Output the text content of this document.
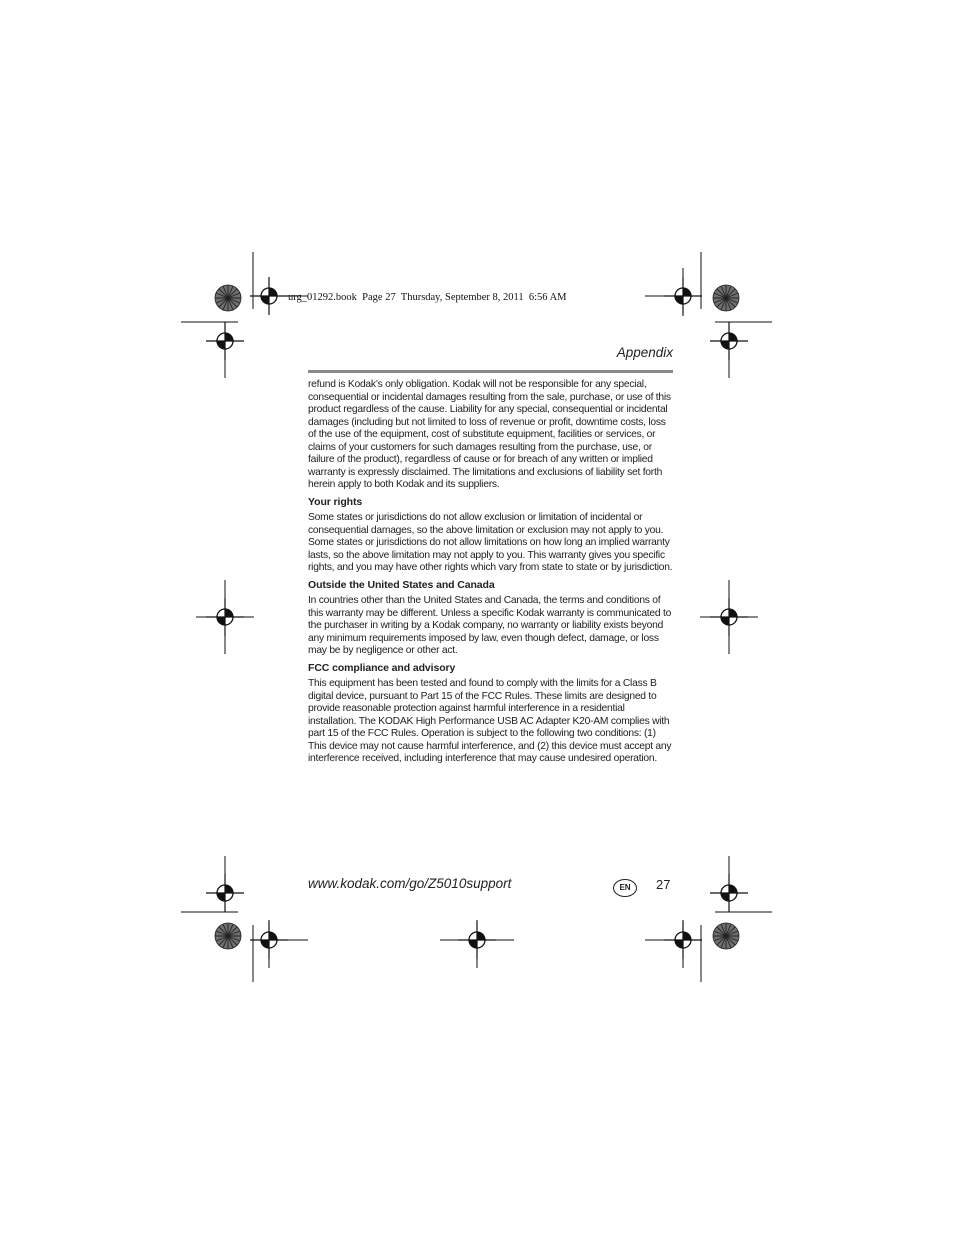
urg_01292.book  Page 27  Thursday, September 8, 2011  6:56 AM
Appendix

refund is Kodak’s only obligation. Kodak will not be responsible for any special, consequential or incidental damages resulting from the sale, purchase, or use of this product regardless of the cause. Liability for any special, consequential or incidental damages (including but not limited to loss of revenue or profit, downtime costs, loss of the use of the equipment, cost of substitute equipment, facilities or services, or claims of your customers for such damages resulting from the purchase, use, or failure of the product), regardless of cause or for breach of any written or implied warranty is expressly disclaimed. The limitations and exclusions of liability set forth herein apply to both Kodak and its suppliers.

Your rights

Some states or jurisdictions do not allow exclusion or limitation of incidental or consequential damages, so the above limitation or exclusion may not apply to you. Some states or jurisdictions do not allow limitations on how long an implied warranty lasts, so the above limitation may not apply to you. This warranty gives you specific rights, and you may have other rights which vary from state to state or by jurisdiction.

Outside the United States and Canada

In countries other than the United States and Canada, the terms and conditions of this warranty may be different. Unless a specific Kodak warranty is communicated to the purchaser in writing by a Kodak company, no warranty or liability exists beyond any minimum requirements imposed by law, even though defect, damage, or loss may be by negligence or other act.

FCC compliance and advisory

This equipment has been tested and found to comply with the limits for a Class B digital device, pursuant to Part 15 of the FCC Rules. These limits are designed to provide reasonable protection against harmful interference in a residential installation. The KODAK High Performance USB AC Adapter K20-AM complies with part 15 of the FCC Rules. Operation is subject to the following two conditions: (1) This device may not cause harmful interference, and (2) this device must accept any interference received, including interference that may cause undesired operation.

www.kodak.com/go/Z5010support	EN	27
